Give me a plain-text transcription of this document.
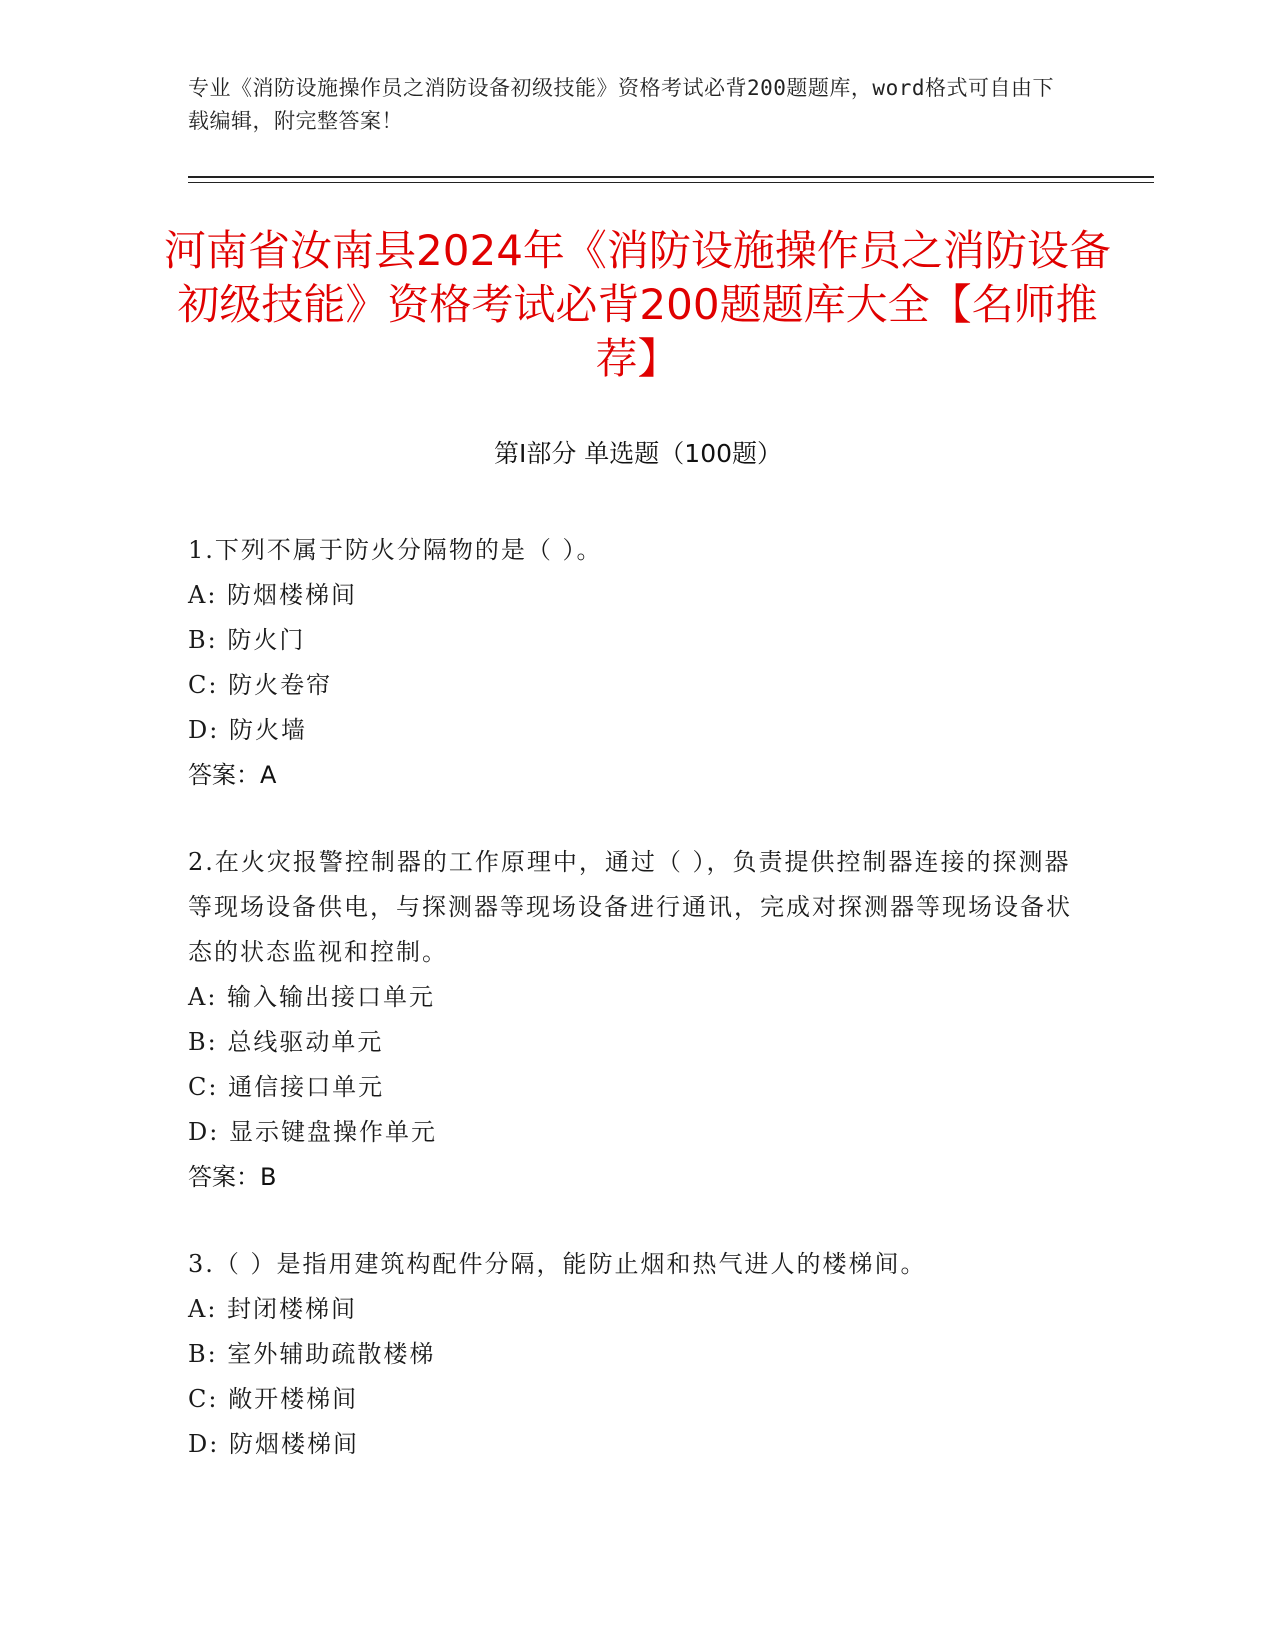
专业《消防设施操作员之消防设备初级技能》资格考试必背200题题库，word格式可自由下载编辑，附完整答案！
河南省汝南县2024年《消防设施操作员之消防设备初级技能》资格考试必背200题题库大全【名师推荐】
第I部分 单选题（100题）
1.下列不属于防火分隔物的是（ ）。
A: 防烟楼梯间
B: 防火门
C: 防火卷帘
D: 防火墙
答案：A
2.在火灾报警控制器的工作原理中，通过（ ），负责提供控制器连接的探测器等现场设备供电，与探测器等现场设备进行通讯，完成对探测器等现场设备状态的状态监视和控制。
A: 输入输出接口单元
B: 总线驱动单元
C: 通信接口单元
D: 显示键盘操作单元
答案：B
3.（ ）是指用建筑构配件分隔，能防止烟和热气进人的楼梯间。
A: 封闭楼梯间
B: 室外辅助疏散楼梯
C: 敞开楼梯间
D: 防烟楼梯间
